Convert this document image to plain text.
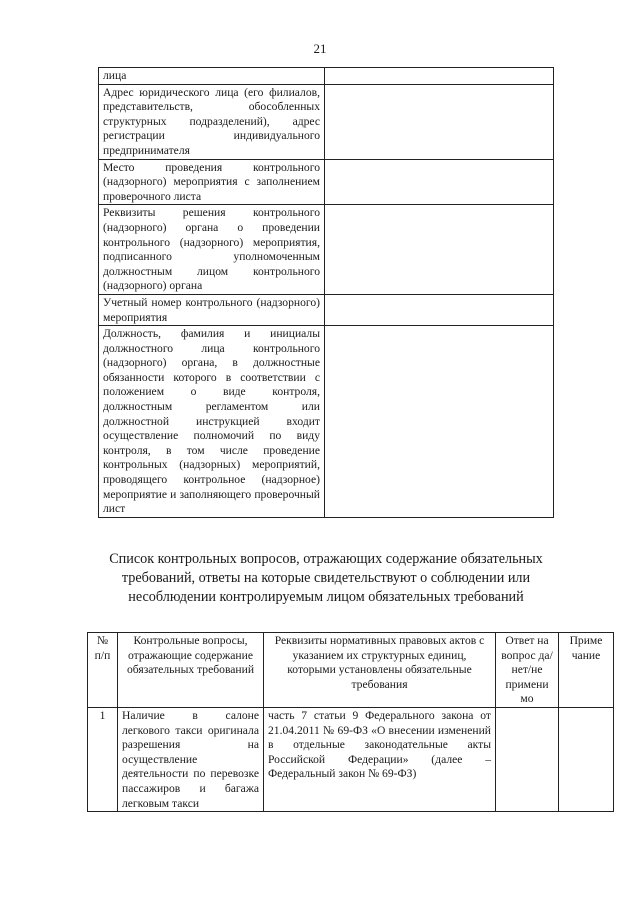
21
лица	
Адрес юридического лица (его филиалов, представительств, обособленных структурных подразделений), адрес регистрации индивидуального предпринимателя	
Место проведения контрольного (надзорного) мероприятия с заполнением проверочного листа	
Реквизиты решения контрольного (надзорного) органа о проведении контрольного (надзорного) мероприятия, подписанного уполномоченным должностным лицом контрольного (надзорного) органа	
Учетный номер контрольного (надзорного) мероприятия	
Должность, фамилия и инициалы должностного лица контрольного (надзорного) органа, в должностные обязанности которого в соответствии с положением о виде контроля, должностным регламентом или должностной инструкцией входит осуществление полномочий по виду контроля, в том числе проведение контрольных (надзорных) мероприятий, проводящего контрольное (надзорное) мероприятие и заполняющего проверочный лист	
Список контрольных вопросов, отражающих содержание обязательных требований, ответы на которые свидетельствуют о соблюдении или несоблюдении контролируемым лицом обязательных требований
№ п/п	Контрольные вопросы, отражающие содержание обязательных требований	Реквизиты нормативных правовых актов с указанием их структурных единиц, которыми установлены обязательные требования	Ответ на вопрос да/нет/не примени мо	Приме чание
1	Наличие в салоне легкового такси оригинала разрешения на осуществление деятельности по перевозке пассажиров и багажа легковым такси	часть 7 статьи 9 Федерального закона от 21.04.2011 № 69-ФЗ «О внесении изменений в отдельные законодательные акты Российской Федерации» (далее – Федеральный закон № 69-ФЗ)		
